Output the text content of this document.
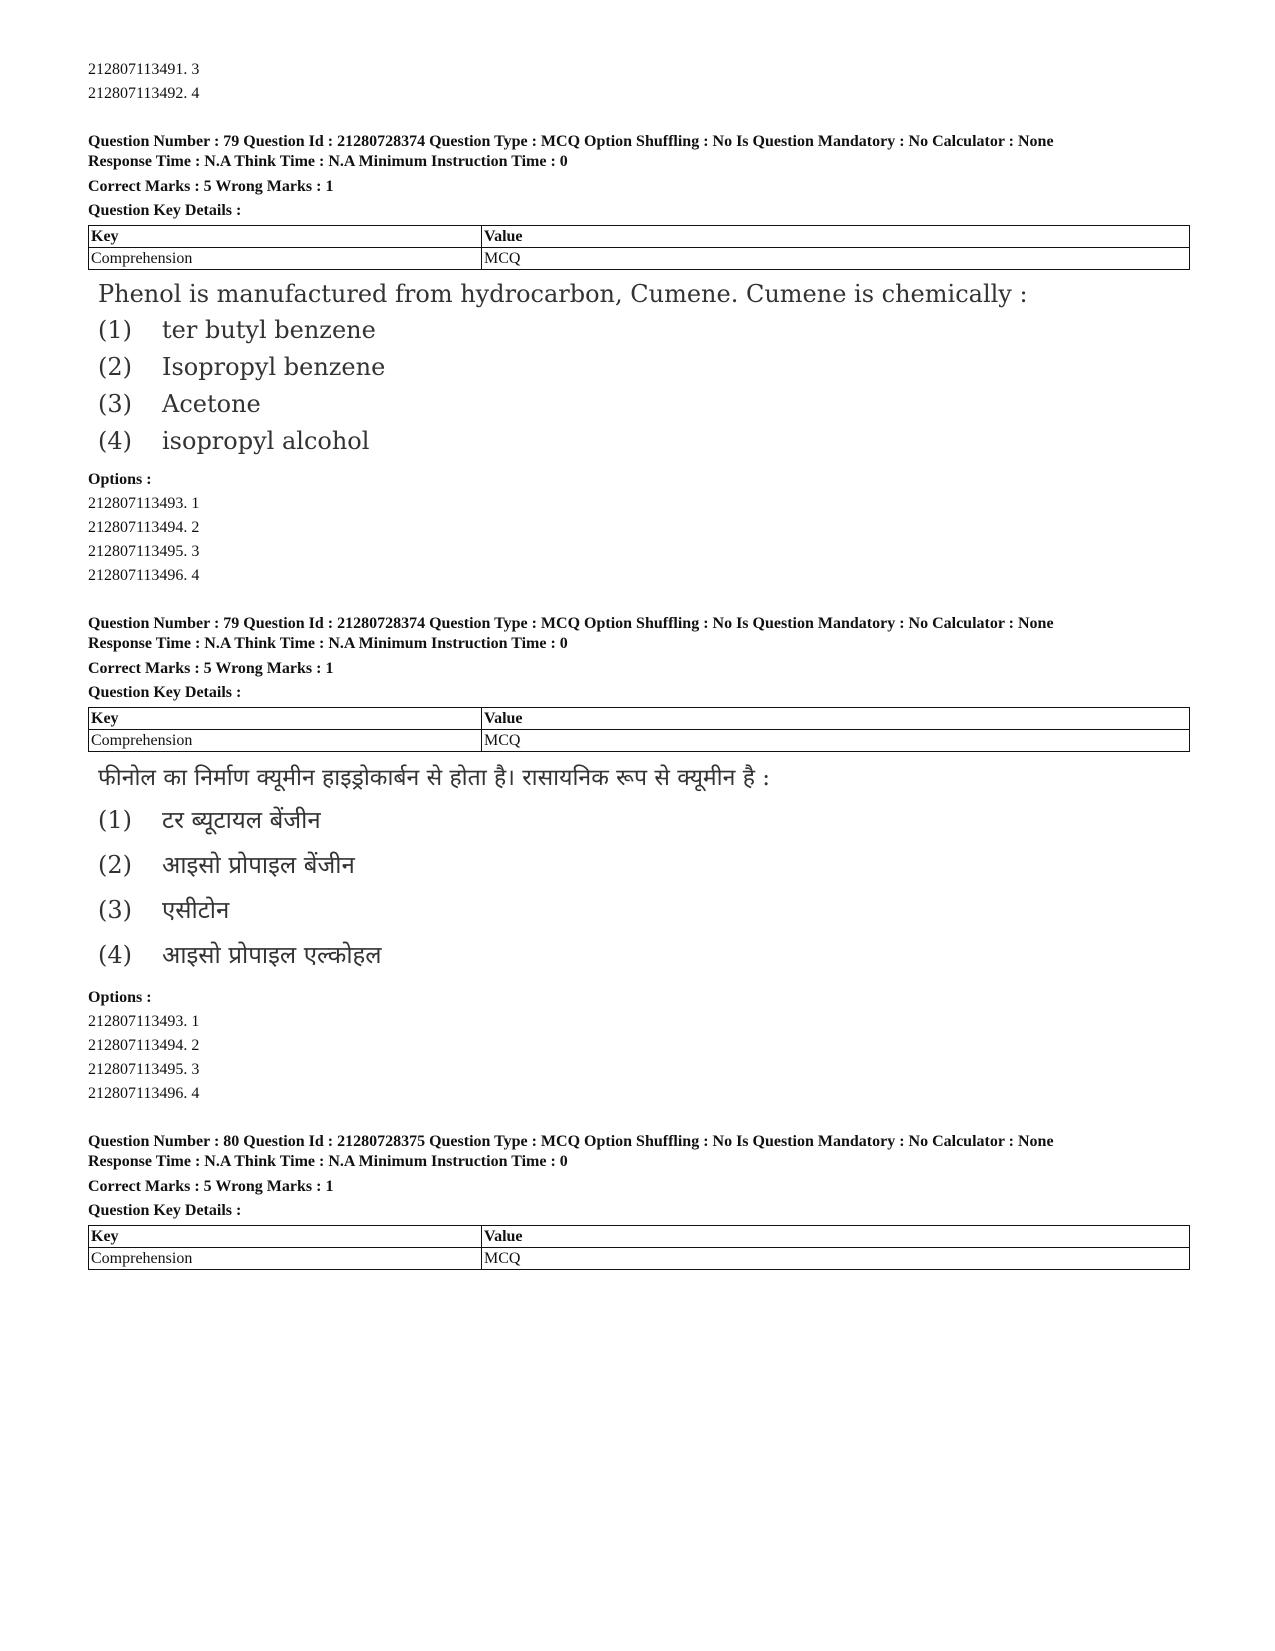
212807113491. 3
212807113492. 4
Question Number : 79 Question Id : 21280728374 Question Type : MCQ Option Shuffling : No Is Question Mandatory : No Calculator : None
Response Time : N.A Think Time : N.A Minimum Instruction Time : 0
Correct Marks : 5 Wrong Marks : 1
Question Key Details :
Key	Value
Comprehension	MCQ
Phenol is manufactured from hydrocarbon, Cumene. Cumene is chemically :
(1)	ter butyl benzene
(2)	Isopropyl benzene
(3)	Acetone
(4)	isopropyl alcohol
Options :
212807113493. 1
212807113494. 2
212807113495. 3
212807113496. 4
Question Number : 79 Question Id : 21280728374 Question Type : MCQ Option Shuffling : No Is Question Mandatory : No Calculator : None
Response Time : N.A Think Time : N.A Minimum Instruction Time : 0
Correct Marks : 5 Wrong Marks : 1
Question Key Details :
Key	Value
Comprehension	MCQ
फीनोल का निर्माण क्यूमीन हाइड्रोकार्बन से होता है। रासायनिक रूप से क्यूमीन है :
(1)	टर ब्यूटायल बेंजीन
(2)	आइसो प्रोपाइल बेंजीन
(3)	एसीटोन
(4)	आइसो प्रोपाइल एल्कोहल
Options :
212807113493. 1
212807113494. 2
212807113495. 3
212807113496. 4
Question Number : 80 Question Id : 21280728375 Question Type : MCQ Option Shuffling : No Is Question Mandatory : No Calculator : None
Response Time : N.A Think Time : N.A Minimum Instruction Time : 0
Correct Marks : 5 Wrong Marks : 1
Question Key Details :
Key	Value
Comprehension	MCQ
